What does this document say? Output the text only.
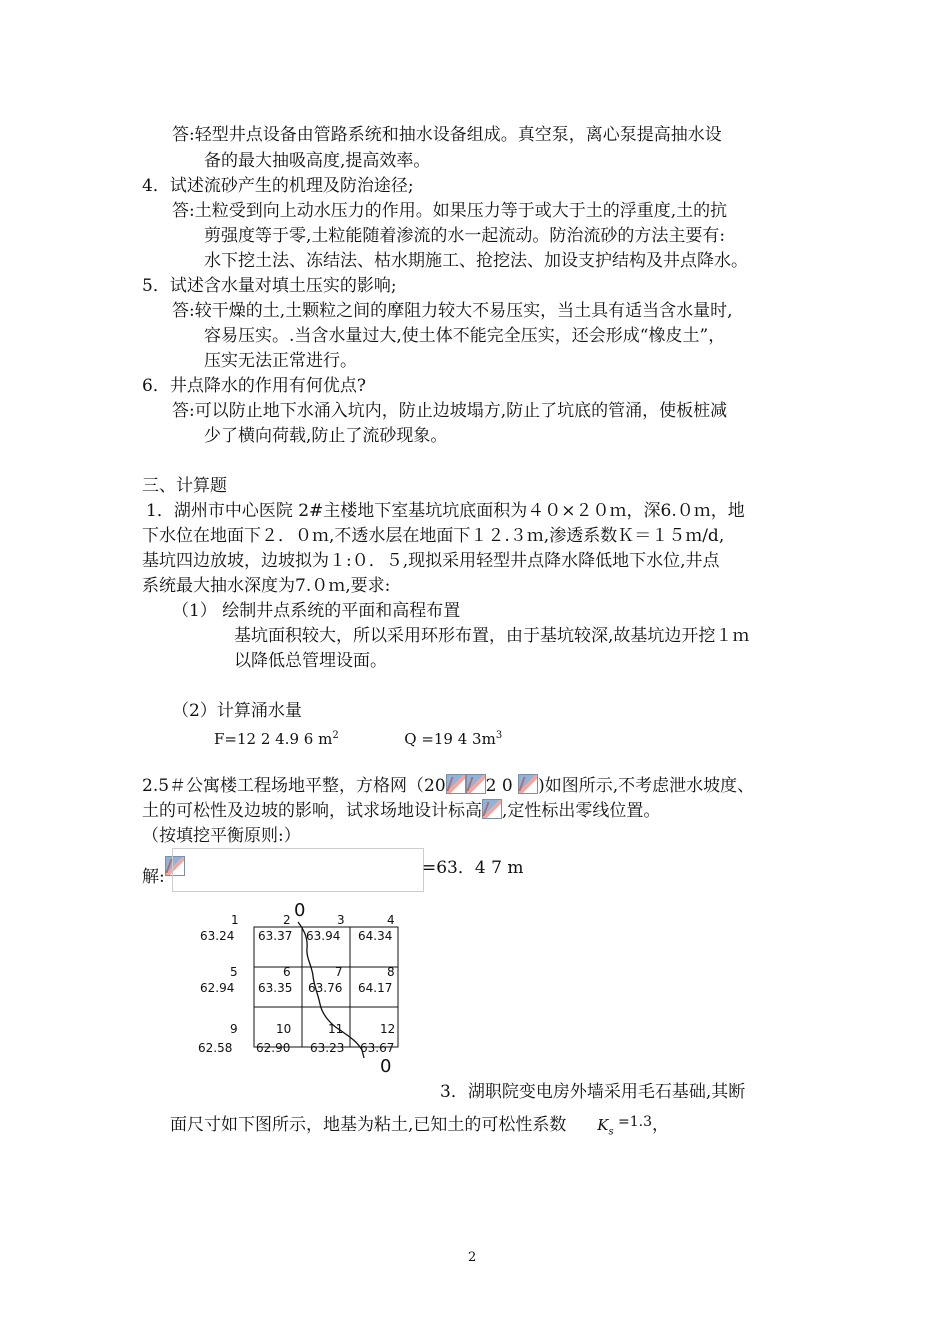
答:轻型井点设备由管路系统和抽水设备组成。真空泵，离心泵提高抽水设
备的最大抽吸高度,提高效率。
4．试述流砂产生的机理及防治途径;
答:土粒受到向上动水压力的作用。如果压力等于或大于土的浮重度,土的抗
剪强度等于零,土粒能随着渗流的水一起流动。防治流砂的方法主要有:
水下挖土法、冻结法、枯水期施工、抢挖法、加设支护结构及井点降水。
5．试述含水量对填土压实的影响;
答:较干燥的土,土颗粒之间的摩阻力较大不易压实，当土具有适当含水量时,
容易压实。.当含水量过大,使土体不能完全压实，还会形成“橡皮土”，
压实无法正常进行。
6．井点降水的作用有何优点?
答:可以防止地下水涌入坑内，防止边坡塌方,防止了坑底的管涌，使板桩减
少了横向荷载,防止了流砂现象。
三、计算题
1．湖州市中心医院 2#主楼地下室基坑坑底面积为４０×２０ｍ，深6.０ｍ，地
下水位在地面下２．０ｍ,不透水层在地面下１２.３ｍ,渗透系数Ｋ＝１５ｍ/d,
基坑四边放坡，边坡拟为１:０．５,现拟采用轻型井点降水降低地下水位,井点
系统最大抽水深度为7.０ｍ,要求:
（1） 绘制井点系统的平面和高程布置
基坑面积较大，所以采用环形布置，由于基坑较深,故基坑边开挖１ｍ
以降低总管埋设面。
（2）计算涌水量
F=12 2 4.9 6 $m^2$	Q =19 4 $3m^3$
2.5＃公寓楼工程场地平整，方格网（20 2 0 )如图所示,不考虑泄水坡度、
土的可松性及边坡的影响，试求场地设计标高 ,定性标出零线位置。
（按填挖平衡原则:）
解:	=63．4 7 m
1	2	3	4
63.24 63.37 63.94 64.34
5	6	7	8
62.94 63.35 63.76 64.17
9	10	11	12
62.58 62.90 63.23 63.67
0
0
3．湖职院变电房外墙采用毛石基础,其断
面尺寸如下图所示，地基为粘土,已知土的可松性系数 $K_s$ $^{=1.3}$，
2
